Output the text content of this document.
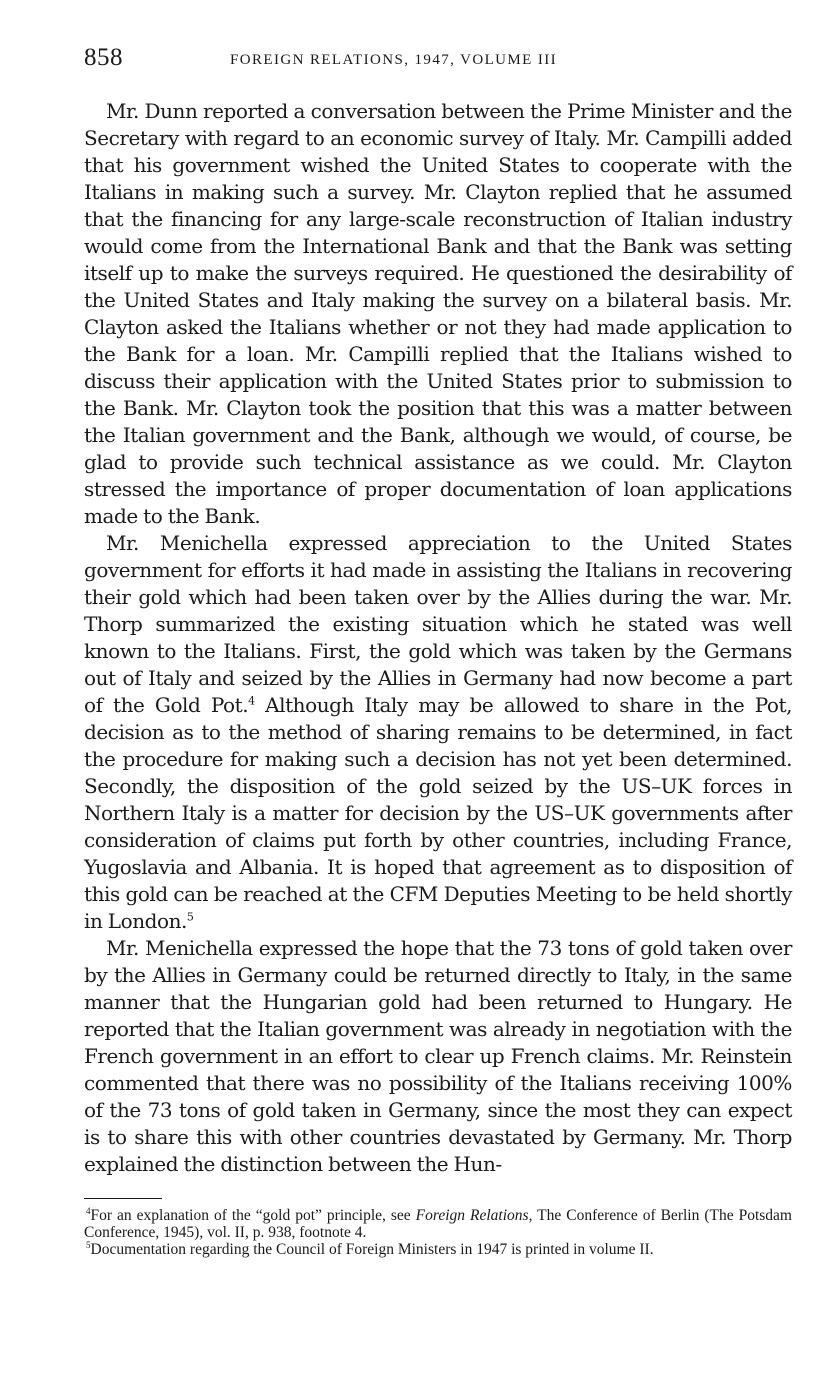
858	FOREIGN RELATIONS, 1947, VOLUME III

Mr. Dunn reported a conversation between the Prime Minister and the Secretary with regard to an economic survey of Italy. Mr. Campilli added that his government wished the United States to cooperate with the Italians in making such a survey. Mr. Clayton replied that he assumed that the financing for any large-scale reconstruction of Italian industry would come from the International Bank and that the Bank was setting itself up to make the surveys required. He questioned the desirability of the United States and Italy making the survey on a bilateral basis. Mr. Clayton asked the Italians whether or not they had made application to the Bank for a loan. Mr. Campilli replied that the Italians wished to discuss their application with the United States prior to submission to the Bank. Mr. Clayton took the position that this was a matter between the Italian government and the Bank, although we would, of course, be glad to provide such technical assistance as we could. Mr. Clayton stressed the importance of proper documentation of loan applications made to the Bank.

Mr. Menichella expressed appreciation to the United States government for efforts it had made in assisting the Italians in recovering their gold which had been taken over by the Allies during the war. Mr. Thorp summarized the existing situation which he stated was well known to the Italians. First, the gold which was taken by the Germans out of Italy and seized by the Allies in Germany had now become a part of the Gold Pot.$^4$ Although Italy may be allowed to share in the Pot, decision as to the method of sharing remains to be determined, in fact the procedure for making such a decision has not yet been determined. Secondly, the disposition of the gold seized by the US–UK forces in Northern Italy is a matter for decision by the US–UK governments after consideration of claims put forth by other countries, including France, Yugoslavia and Albania. It is hoped that agreement as to disposition of this gold can be reached at the CFM Deputies Meeting to be held shortly in London.$^5$

Mr. Menichella expressed the hope that the 73 tons of gold taken over by the Allies in Germany could be returned directly to Italy, in the same manner that the Hungarian gold had been returned to Hungary. He reported that the Italian government was already in negotiation with the French government in an effort to clear up French claims. Mr. Reinstein commented that there was no possibility of the Italians receiving 100% of the 73 tons of gold taken in Germany, since the most they can expect is to share this with other countries devastated by Germany. Mr. Thorp explained the distinction between the Hun-

$^4$For an explanation of the “gold pot” principle, see Foreign Relations, The Conference of Berlin (The Potsdam Conference, 1945), vol. II, p. 938, footnote 4.

$^5$Documentation regarding the Council of Foreign Ministers in 1947 is printed in volume II.
